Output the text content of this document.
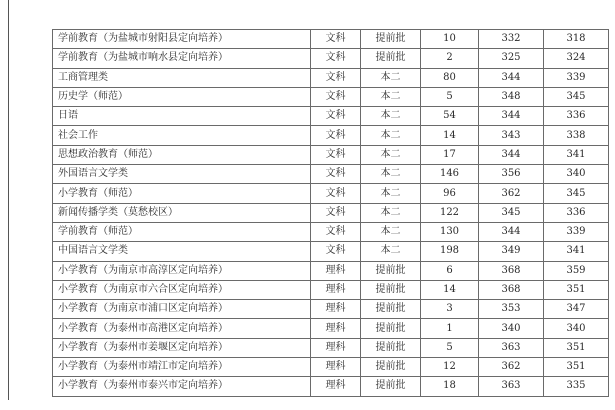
学前教育（为盐城市射阳县定向培养）	文科	提前批	10	332	318
学前教育（为盐城市响水县定向培养）	文科	提前批	2	325	324
工商管理类	文科	本二	80	344	339
历史学（师范）	文科	本二	5	348	345
日语	文科	本二	54	344	336
社会工作	文科	本二	14	343	338
思想政治教育（师范）	文科	本二	17	344	341
外国语言文学类	文科	本二	146	356	340
小学教育（师范）	文科	本二	96	362	345
新闻传播学类（莫愁校区）	文科	本二	122	345	336
学前教育（师范）	文科	本二	130	344	339
中国语言文学类	文科	本二	198	349	341
小学教育（为南京市高淳区定向培养）	理科	提前批	6	368	359
小学教育（为南京市六合区定向培养）	理科	提前批	14	368	351
小学教育（为南京市浦口区定向培养）	理科	提前批	3	353	347
小学教育（为泰州市高港区定向培养）	理科	提前批	1	340	340
小学教育（为泰州市姜堰区定向培养）	理科	提前批	5	363	351
小学教育（为泰州市靖江市定向培养）	理科	提前批	12	362	351
小学教育（为泰州市泰兴市定向培养）	理科	提前批	18	363	335
